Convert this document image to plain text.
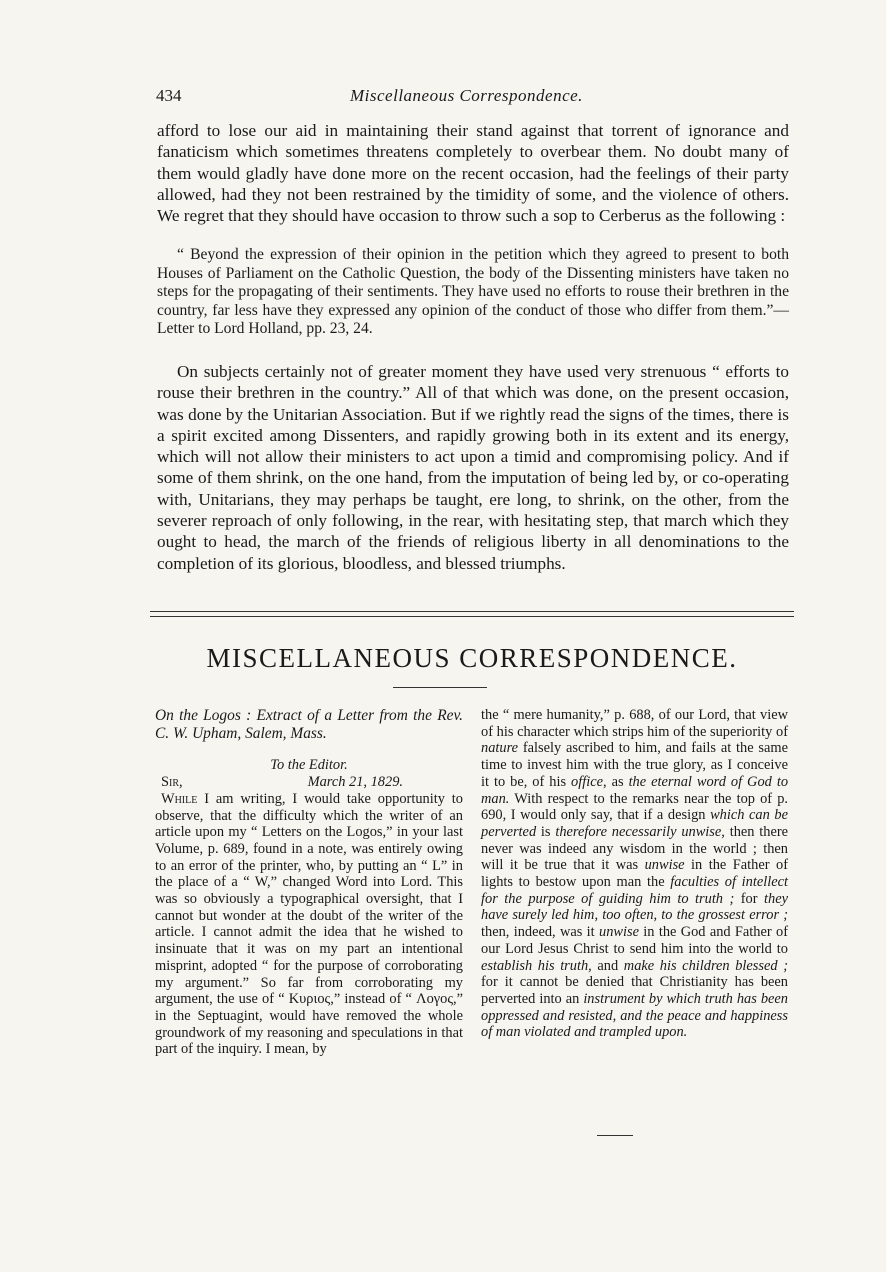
434	Miscellaneous Correspondence.

afford to lose our aid in maintaining their stand against that torrent of ignorance and fanaticism which sometimes threatens completely to overbear them. No doubt many of them would gladly have done more on the recent occasion, had the feelings of their party allowed, had they not been restrained by the timidity of some, and the violence of others. We regret that they should have occasion to throw such a sop to Cerberus as the following :

“ Beyond the expression of their opinion in the petition which they agreed to present to both Houses of Parliament on the Catholic Question, the body of the Dissenting ministers have taken no steps for the propagating of their sentiments. They have used no efforts to rouse their brethren in the country, far less have they expressed any opinion of the conduct of those who differ from them.”—Letter to Lord Holland, pp. 23, 24.

On subjects certainly not of greater moment they have used very strenuous “ efforts to rouse their brethren in the country.” All of that which was done, on the present occasion, was done by the Unitarian Association. But if we rightly read the signs of the times, there is a spirit excited among Dissenters, and rapidly growing both in its extent and its energy, which will not allow their ministers to act upon a timid and compromising policy. And if some of them shrink, on the one hand, from the imputation of being led by, or co-operating with, Unitarians, they may perhaps be taught, ere long, to shrink, on the other, from the severer reproach of only following, in the rear, with hesitating step, that march which they ought to head, the march of the friends of religious liberty in all denominations to the completion of its glorious, bloodless, and blessed triumphs.

MISCELLANEOUS CORRESPONDENCE.
On the Logos : Extract of a Letter from the Rev. C. W. Upham, Salem, Mass.
To the Editor.
Sir,	March 21, 1829.

While I am writing, I would take opportunity to observe, that the difficulty which the writer of an article upon my “ Letters on the Logos,” in your last Volume, p. 689, found in a note, was entirely owing to an error of the printer, who, by putting an “ L” in the place of a “ W,” changed Word into Lord. This was so obviously a typographical oversight, that I cannot but wonder at the doubt of the writer of the article. I cannot admit the idea that he wished to insinuate that it was on my part an intentional misprint, adopted “ for the purpose of corroborating my argument.” So far from corroborating my argument, the use of “ Κυριος,” instead of “ Λογος,” in the Septuagint, would have removed the whole groundwork of my reasoning and speculations in that part of the inquiry. I mean, by

the “ mere humanity,” p. 688, of our Lord, that view of his character which strips him of the superiority of nature falsely ascribed to him, and fails at the same time to invest him with the true glory, as I conceive it to be, of his office, as the eternal word of God to man. With respect to the remarks near the top of p. 690, I would only say, that if a design which can be perverted is therefore necessarily unwise, then there never was indeed any wisdom in the world ; then will it be true that it was unwise in the Father of lights to bestow upon man the faculties of intellect for the purpose of guiding him to truth ; for they have surely led him, too often, to the grossest error ; then, indeed, was it unwise in the God and Father of our Lord Jesus Christ to send him into the world to establish his truth, and make his children blessed ; for it cannot be denied that Christianity has been perverted into an instrument by which truth has been oppressed and resisted, and the peace and happiness of man violated and trampled upon.
